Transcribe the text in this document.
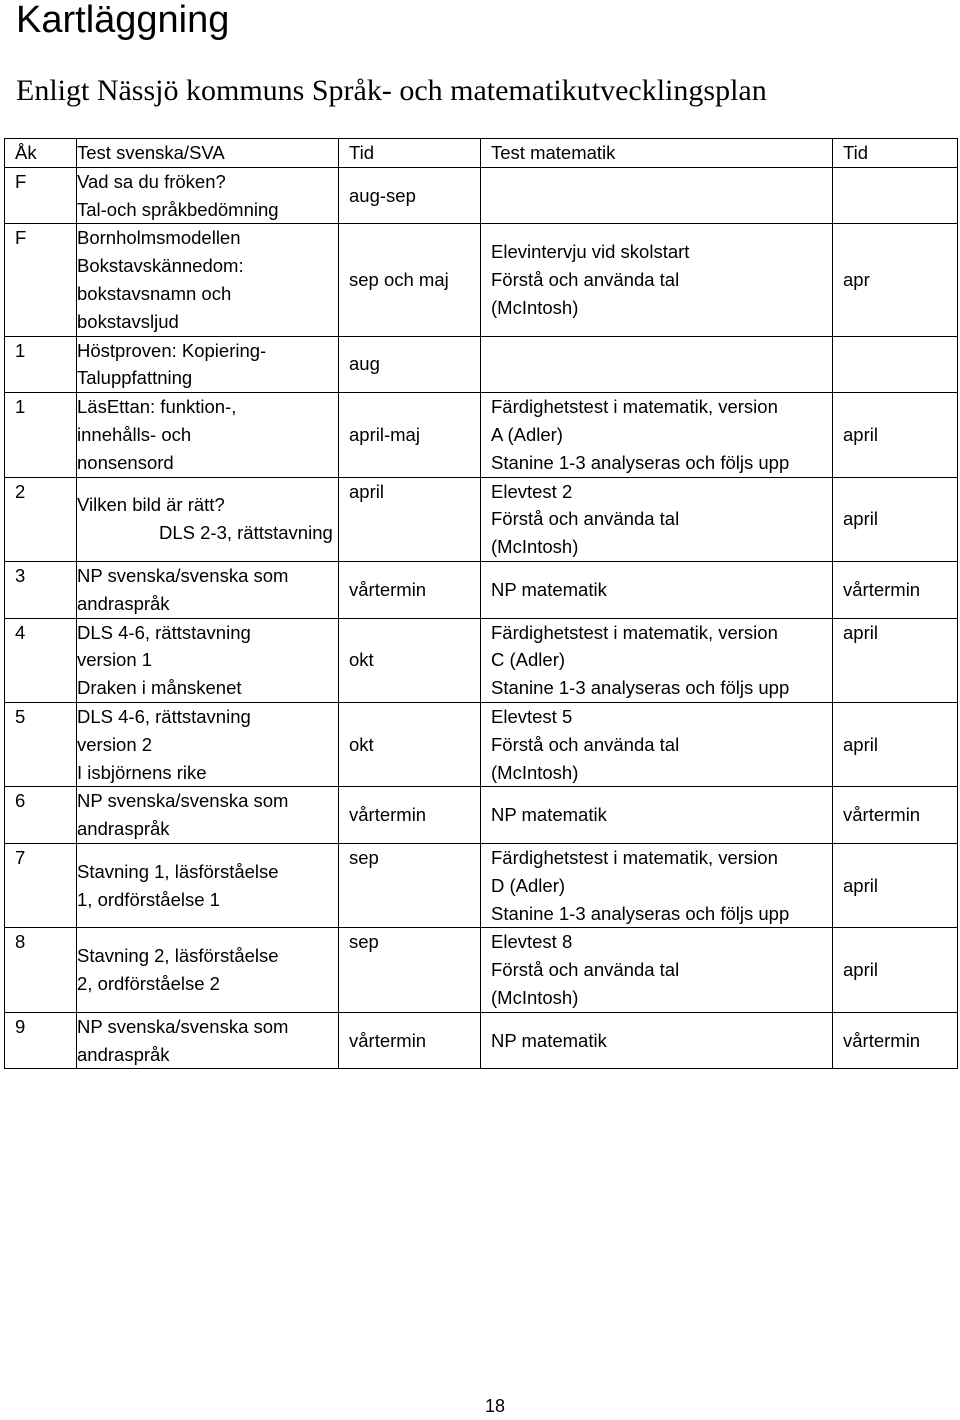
Kartläggning
Enligt Nässjö kommuns Språk- och matematikutvecklingsplan
Åk	Test svenska/SVA	Tid	Test matematik	Tid
F	Vad sa du fröken?
Tal-och språkbedömning	aug-sep		
F	Bornholmsmodellen
Bokstavskännedom:
bokstavsnamn och
bokstavsljud	sep och maj	Elevintervju vid skolstart
Förstå och använda tal
(McIntosh)	apr
1	Höstproven: Kopiering-
Taluppfattning	aug		
1	LäsEttan: funktion-,
innehålls- och
nonsensord	april-maj	Färdighetstest i matematik, version
A (Adler)
Stanine 1-3 analyseras och följs upp	april
2	Vilken bild är rätt?
DLS 2-3, rättstavning	april	Elevtest 2
Förstå och använda tal
(McIntosh)	april
3	NP svenska/svenska som
andraspråk	vårtermin	NP matematik	vårtermin
4	DLS 4-6, rättstavning
version 1
Draken i månskenet	okt	Färdighetstest i matematik, version
C (Adler)
Stanine 1-3 analyseras och följs upp	april
5	DLS 4-6, rättstavning
version 2
I isbjörnens rike	okt	Elevtest 5
Förstå och använda tal
(McIntosh)	april
6	NP svenska/svenska som
andraspråk	vårtermin	NP matematik	vårtermin
7	Stavning 1, läsförståelse
1, ordförståelse 1	sep	Färdighetstest i matematik, version
D (Adler)
Stanine 1-3 analyseras och följs upp	april
8	Stavning 2, läsförståelse
2, ordförståelse 2	sep	Elevtest 8
Förstå och använda tal
(McIntosh)	april
9	NP svenska/svenska som
andraspråk	vårtermin	NP matematik	vårtermin
18
